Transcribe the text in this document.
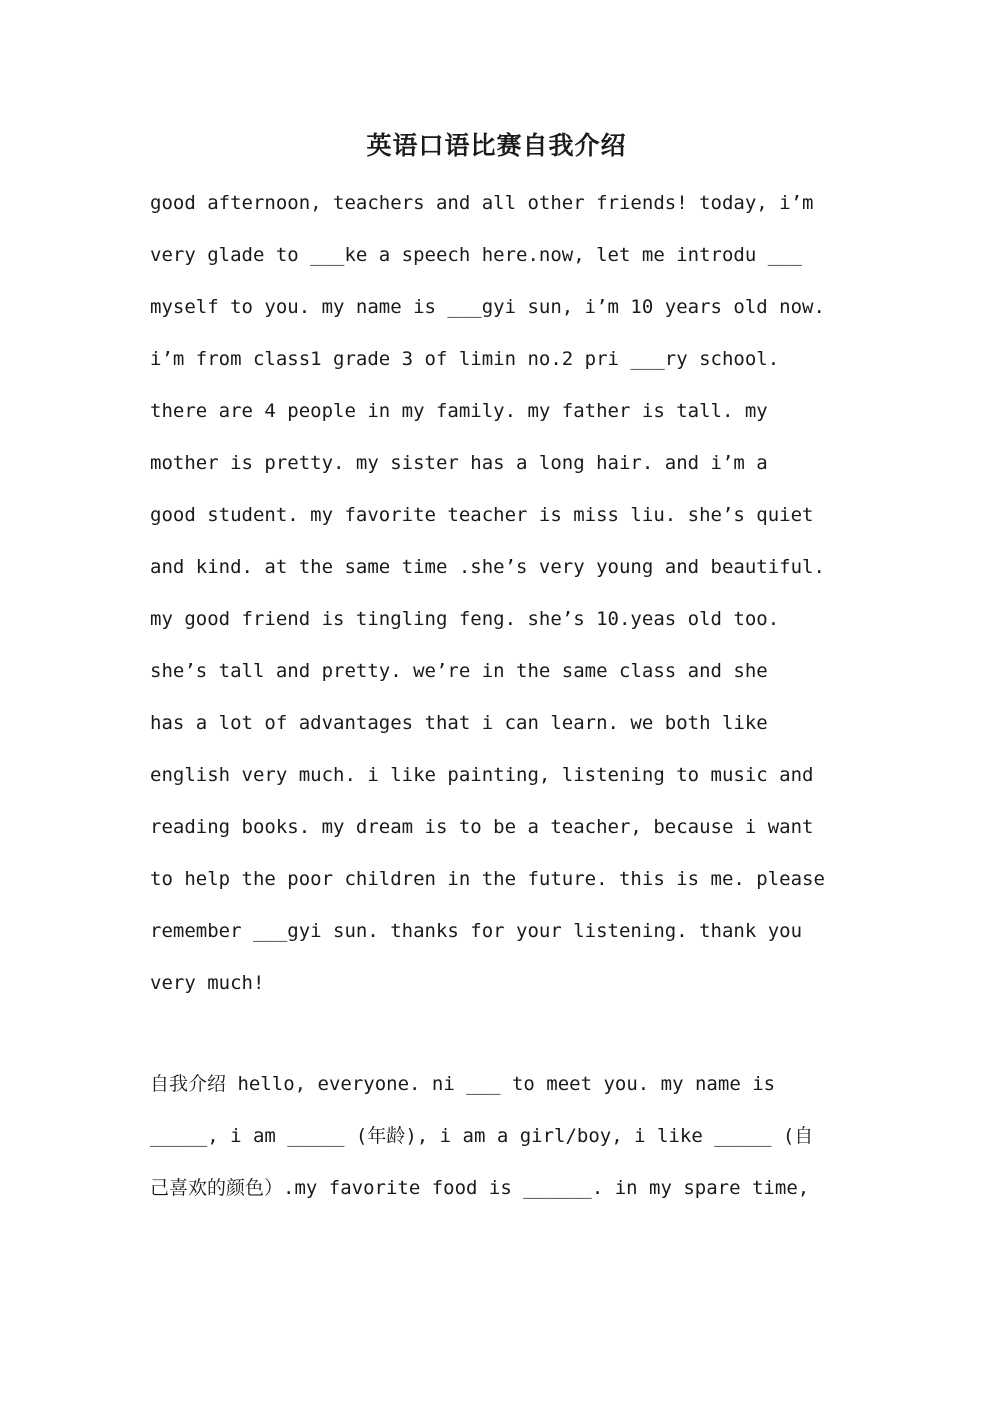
英语口语比赛自我介绍
good afternoon, teachers and all other friends! today, i’m
very glade to ___ke a speech here.now, let me introdu ___
myself to you. my name is ___gyi sun, i’m 10 years old now.
i’m from class1 grade 3 of limin no.2 pri ___ry school.
there are 4 people in my family. my father is tall. my
mother is pretty. my sister has a long hair. and i’m a
good student. my favorite teacher is miss liu. she’s quiet
and kind. at the same time .she’s very young and beautiful.
my good friend is tingling feng. she’s 10.yeas old too.
she’s tall and pretty. we’re in the same class and she
has a lot of advantages that i can learn. we both like
english very much. i like painting, listening to music and
reading books. my dream is to be a teacher, because i want
to help the poor children in the future. this is me. please
remember ___gyi sun. thanks for your listening. thank you
very much!
自我介绍 hello, everyone. ni ___ to meet you. my name is
_____, i am _____ (年龄), i am a girl/boy, i like _____ (自
己喜欢的颜色）.my favorite food is ______. in my spare time,
